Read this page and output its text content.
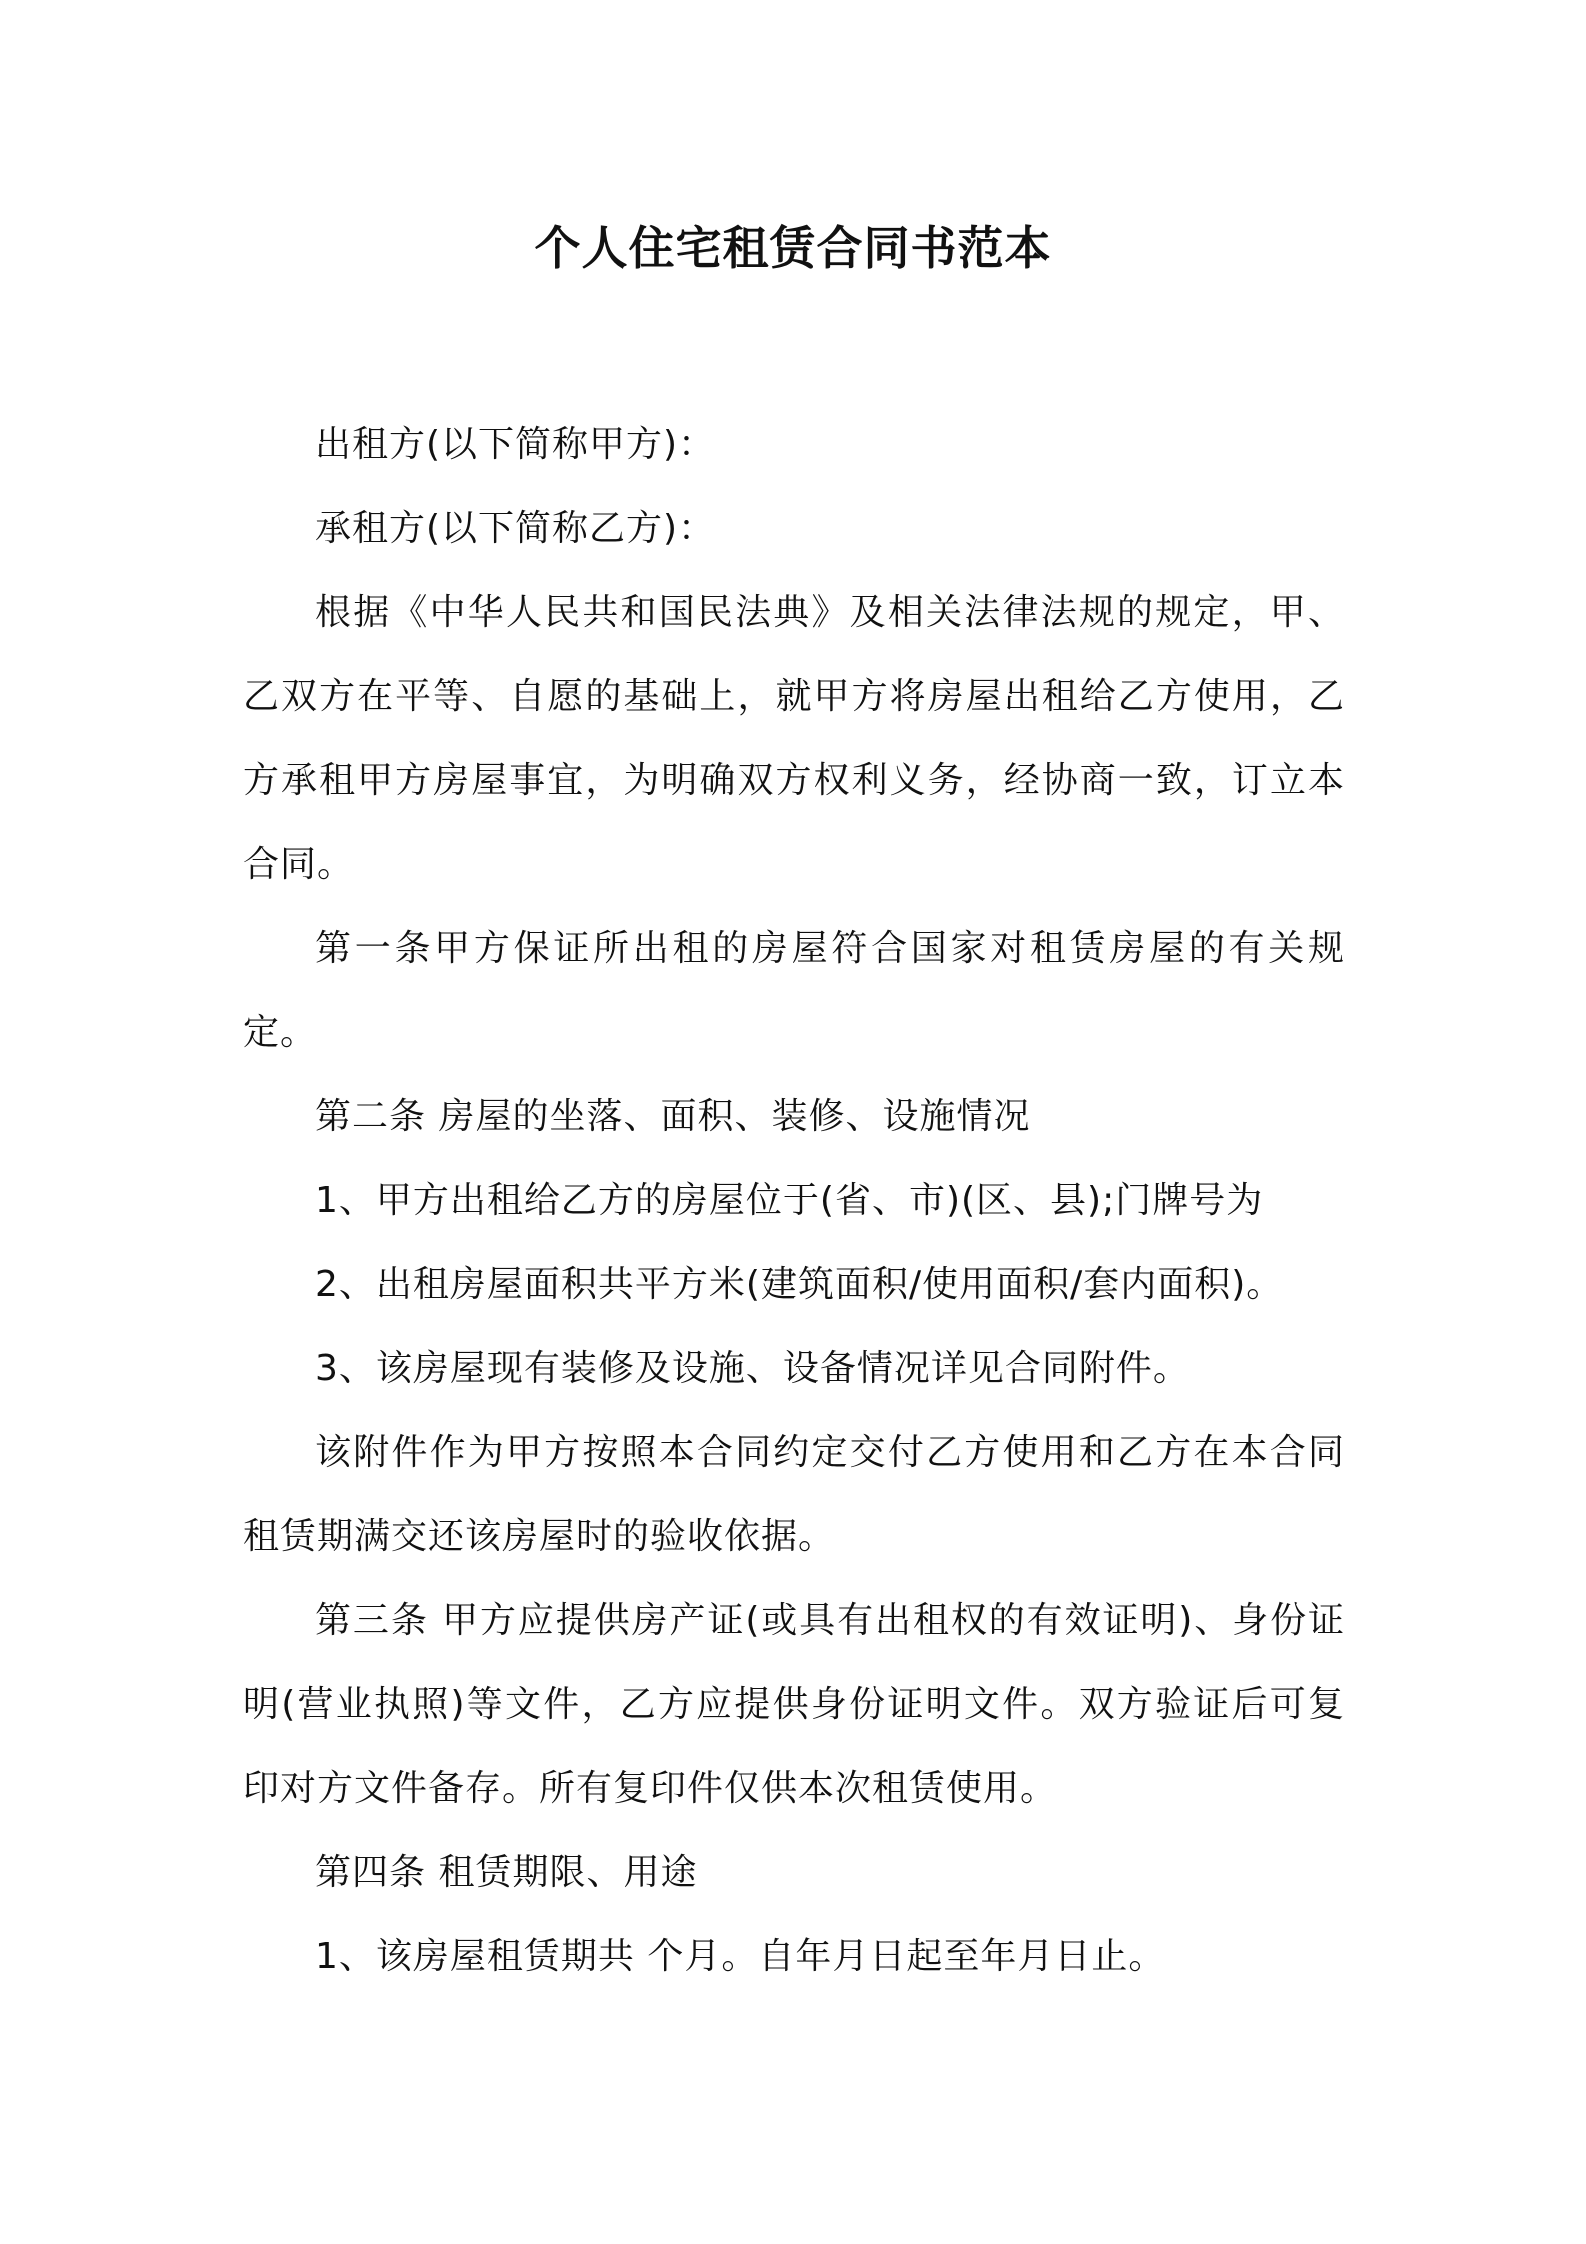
个人住宅租赁合同书范本

出租方(以下简称甲方)：

承租方(以下简称乙方)：

根据《中华人民共和国民法典》及相关法律法规的规定，甲、乙双方在平等、自愿的基础上，就甲方将房屋出租给乙方使用，乙方承租甲方房屋事宜，为明确双方权利义务，经协商一致，订立本合同。

第一条甲方保证所出租的房屋符合国家对租赁房屋的有关规定。

第二条 房屋的坐落、面积、装修、设施情况

1、甲方出租给乙方的房屋位于(省、市)(区、县);门牌号为

2、出租房屋面积共平方米(建筑面积/使用面积/套内面积)。

3、该房屋现有装修及设施、设备情况详见合同附件。

该附件作为甲方按照本合同约定交付乙方使用和乙方在本合同租赁期满交还该房屋时的验收依据。

第三条 甲方应提供房产证(或具有出租权的有效证明)、身份证明(营业执照)等文件，乙方应提供身份证明文件。双方验证后可复印对方文件备存。所有复印件仅供本次租赁使用。

第四条 租赁期限、用途

1、该房屋租赁期共 个月。自年月日起至年月日止。
